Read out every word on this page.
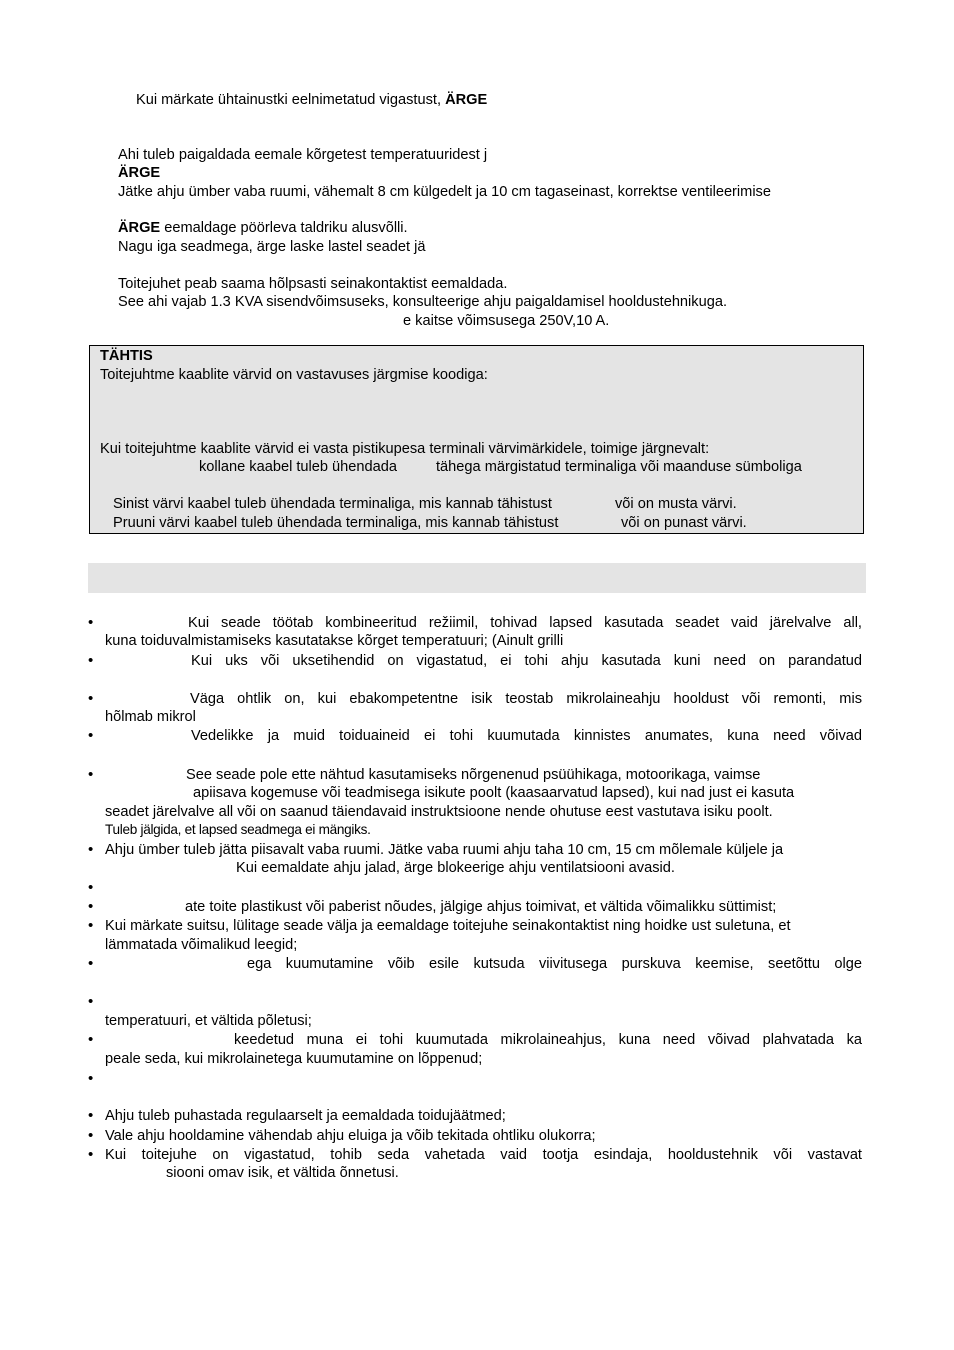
Kui märkate ühtainustki eelnimetatud vigastust, ÄRGE
Ahi tuleb paigaldada eemale kõrgetest temperatuuridest j
ÄRGE
Jätke ahju ümber vaba ruumi, vähemalt 8 cm külgedelt ja 10 cm tagaseinast, korrektse ventileerimise
ÄRGE eemaldage pöörleva taldriku alusvõlli.
Nagu iga seadmega, ärge laske lastel seadet jä
Toitejuhet peab saama hõlpsasti seinakontaktist eemaldada.
See ahi vajab 1.3 KVA sisendvõimsuseks, konsulteerige ahju paigaldamisel hooldustehnikuga.
e kaitse võimsusega 250V,10 A.
TÄHTIS
Toitejuhtme kaablite värvid on vastavuses järgmise koodiga:
Kui toitejuhtme kaablite värvid ei vasta pistikupesa terminali värvimärkidele, toimige järgnevalt:
kollane kaabel tuleb ühendada	tähega märgistatud terminaliga või maanduse sümboliga
Sinist värvi kaabel tuleb ühendada terminaliga, mis kannab tähistust	või on musta värvi.
Pruuni värvi kaabel tuleb ühendada terminaliga, mis kannab tähistust	või on punast värvi.
•	Kui seade töötab kombineeritud režiimil, tohivad lapsed kasutada seadet vaid järelvalve all,
kuna toiduvalmistamiseks kasutatakse kõrget temperatuuri; (Ainult grilli
•	Kui uks või uksetihendid on vigastatud, ei tohi ahju kasutada kuni need on parandatud
•	Väga ohtlik on, kui ebakompetentne isik teostab mikrolaineahju hooldust või remonti, mis
hõlmab mikrol
•	Vedelikke ja muid toiduaineid ei tohi kuumutada kinnistes anumates, kuna need võivad
•	See seade pole ette nähtud kasutamiseks nõrgenenud psüühikaga, motoorikaga, vaimse
apiisava kogemuse või teadmisega isikute poolt (kaasaarvatud lapsed), kui nad just ei kasuta
seadet järelvalve all või on saanud täiendavaid instruktsioone nende ohutuse eest vastutava isiku poolt.
Tuleb jälgida, et lapsed seadmega ei mängiks.
• Ahju ümber tuleb jätta piisavalt vaba ruumi. Jätke vaba ruumi ahju taha 10 cm, 15 cm mõlemale küljele ja
Kui eemaldate ahju jalad, ärge blokeerige ahju ventilatsiooni avasid.
•
•	ate toite plastikust või paberist nõudes, jälgige ahjus toimivat, et vältida võimalikku süttimist;
• Kui märkate suitsu, lülitage seade välja ja eemaldage toitejuhe seinakontaktist ning hoidke ust suletuna, et
lämmatada võimalikud leegid;
•	ega kuumutamine võib esile kutsuda viivitusega purskuva keemise, seetõttu olge
•
temperatuuri, et vältida põletusi;
•	keedetud muna ei tohi kuumutada mikrolaineahjus, kuna need võivad plahvatada ka
peale seda, kui mikrolainetega kuumutamine on lõppenud;
•
• Ahju tuleb puhastada regulaarselt ja eemaldada toidujäätmed;
• Vale ahju hooldamine vähendab ahju eluiga ja võib tekitada ohtliku olukorra;
• Kui toitejuhe on vigastatud, tohib seda vahetada vaid tootja esindaja, hooldustehnik või vastavat
siooni omav isik, et vältida õnnetusi.
